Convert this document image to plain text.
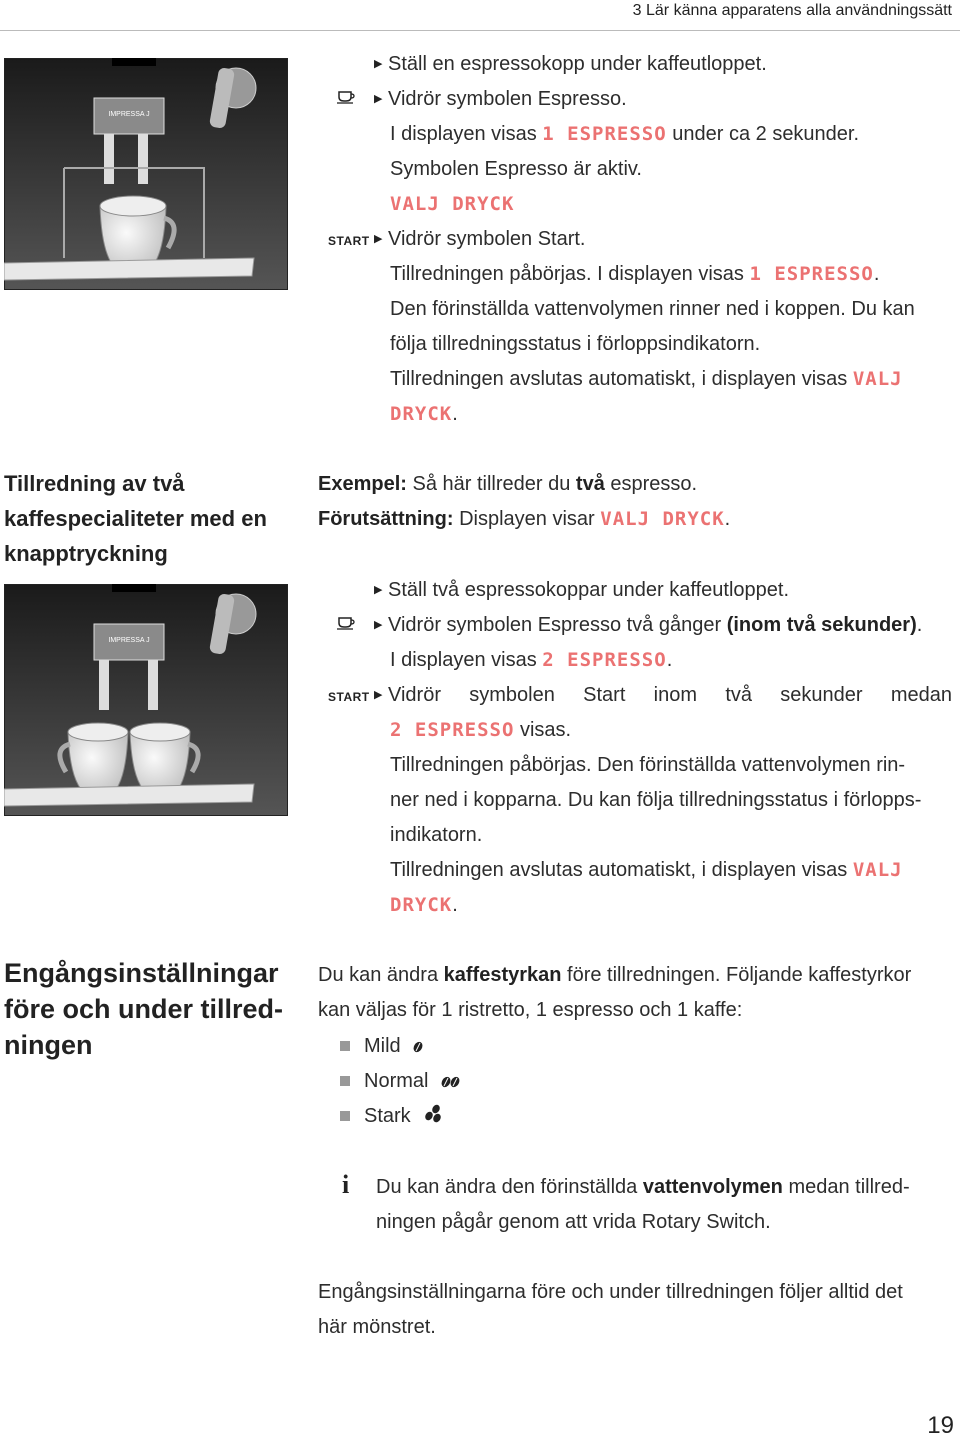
3 Lär känna apparatens alla användningssätt
IMPRESSA J
▶ Ställ en espressokopp under kaffeutloppet.
▶ Vidrör symbolen Espresso.
I displayen visas 1 ESPRESSO under ca 2 sekunder.
Symbolen Espresso är aktiv.
VALJ DRYCK
START ▶ Vidrör symbolen Start.
Tillredningen påbörjas. I displayen visas 1 ESPRESSO.
Den förinställda vattenvolymen rinner ned i koppen. Du kan
följa tillredningsstatus i förloppsindikatorn.
Tillredningen avslutas automatiskt, i displayen visas VALJ
DRYCK.
Tillredning av två
kaffespecialiteter med en
knapptryckning
IMPRESSA J
Exempel: Så här tillreder du två espresso.
Förutsättning: Displayen visar VALJ DRYCK.
▶ Ställ två espressokoppar under kaffeutloppet.
▶ Vidrör symbolen Espresso två gånger (inom två sekunder).
I displayen visas 2 ESPRESSO.
START ▶ Vidrör symbolen Start inom två sekunder medan
2 ESPRESSO visas.
Tillredningen påbörjas. Den förinställda vattenvolymen rin-
ner ned i kopparna. Du kan följa tillredningsstatus i förlopps-
indikatorn.
Tillredningen avslutas automatiskt, i displayen visas VALJ
DRYCK.
Engångsinställningar
före och under tillred-
ningen
Du kan ändra kaffestyrkan före tillredningen. Följande kaffestyrkor
kan väljas för 1 ristretto, 1 espresso och 1 kaffe:
Mild
Normal
Stark
i Du kan ändra den förinställda vattenvolymen medan tillred-
ningen pågår genom att vrida Rotary Switch.
Engångsinställningarna före och under tillredningen följer alltid det
här mönstret.
19
